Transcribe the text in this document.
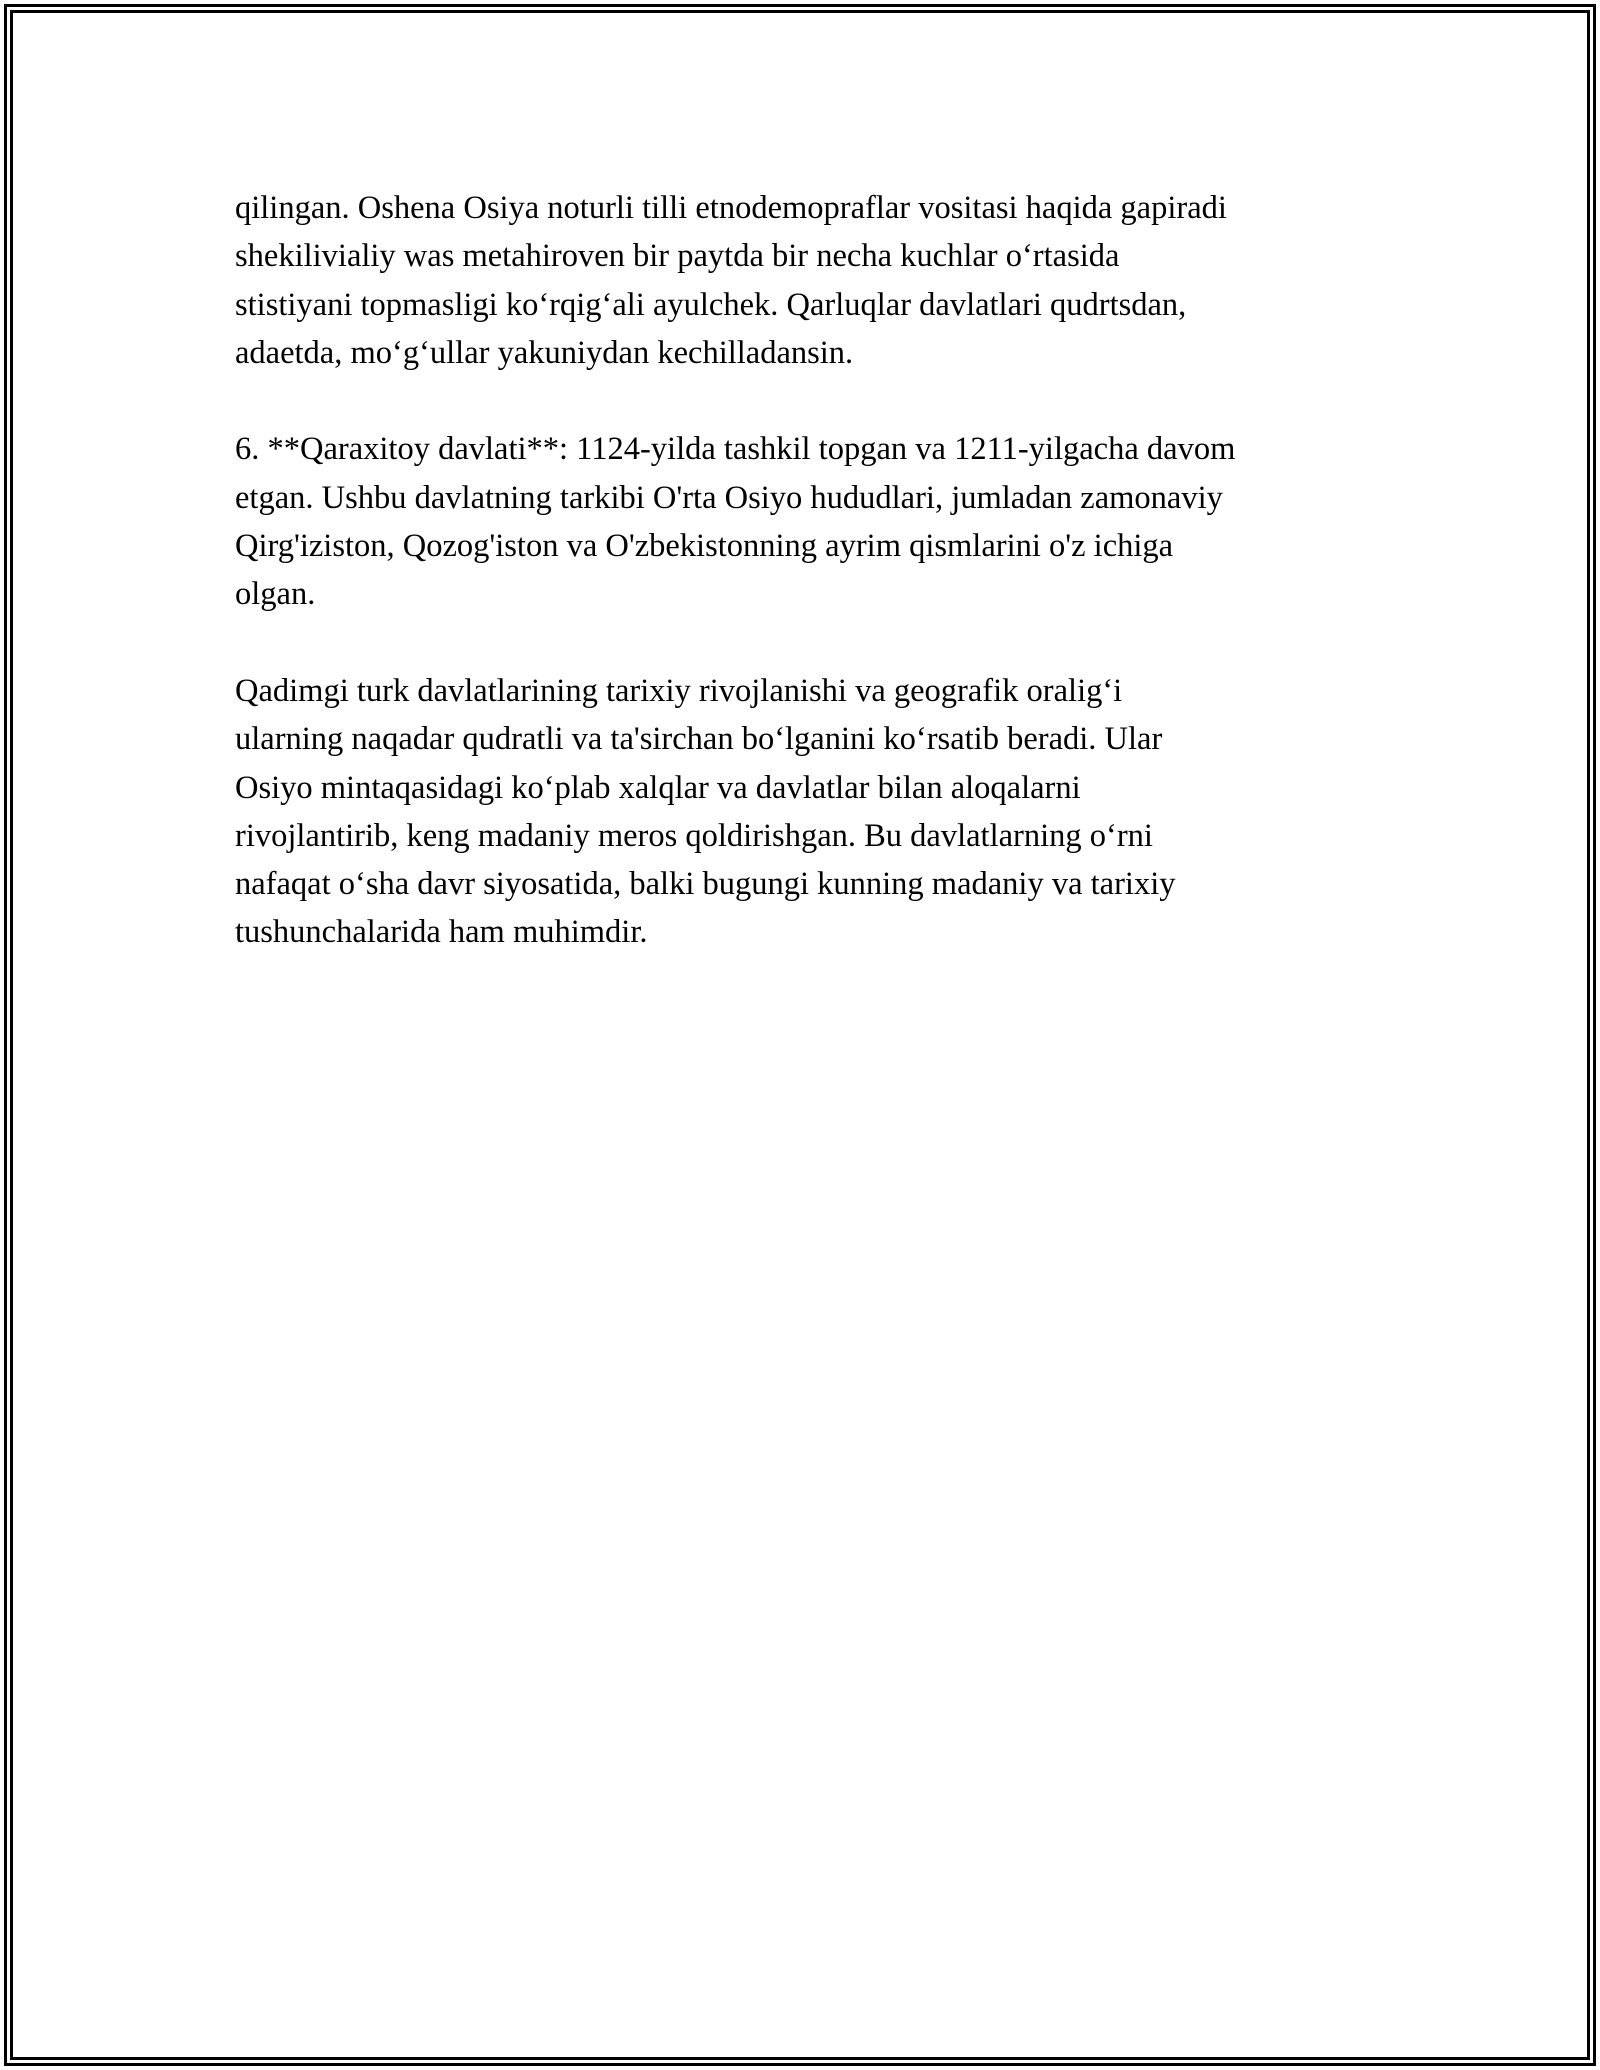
qilingan. Oshena Osiya noturli tilli etnodemopraflar vositasi haqida gapiradi
shekilivialiy was metahiroven bir paytda bir necha kuchlar o‘rtasida
stistiyani topmasligi ko‘rqig‘ali ayulchek. Qarluqlar davlatlari qudrtsdan,
adaetda, mo‘g‘ullar yakuniydan kechilladansin.

6. **Qaraxitoy davlati**: 1124-yilda tashkil topgan va 1211-yilgacha davom
etgan. Ushbu davlatning tarkibi O'rta Osiyo hududlari, jumladan zamonaviy
Qirg'iziston, Qozog'iston va O'zbekistonning ayrim qismlarini o'z ichiga
olgan.

Qadimgi turk davlatlarining tarixiy rivojlanishi va geografik oralig‘i
ularning naqadar qudratli va ta'sirchan bo‘lganini ko‘rsatib beradi. Ular
Osiyo mintaqasidagi ko‘plab xalqlar va davlatlar bilan aloqalarni
rivojlantirib, keng madaniy meros qoldirishgan. Bu davlatlarning o‘rni
nafaqat o‘sha davr siyosatida, balki bugungi kunning madaniy va tarixiy
tushunchalarida ham muhimdir.
